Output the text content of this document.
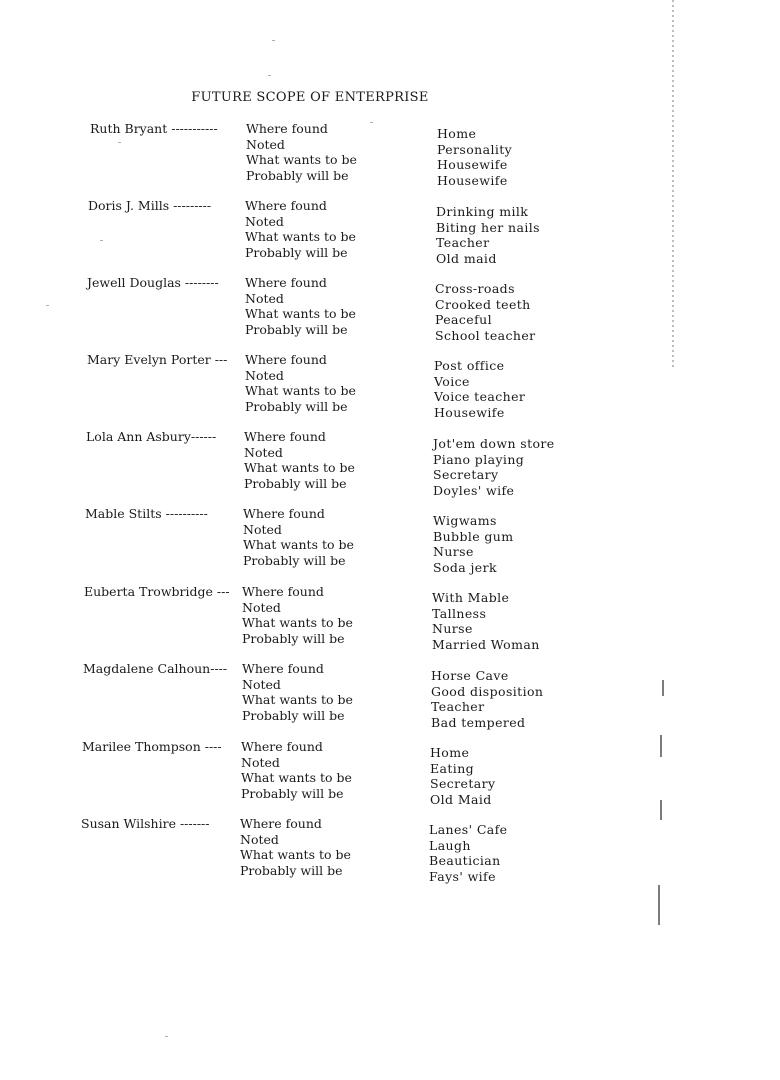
FUTURE SCOPE OF ENTERPRISE
Ruth Bryant ----------- Where found
Noted
What wants to be
Probably will be
Home
Personality
Housewife
Housewife
Doris J. Mills ---------	Where found
Noted
What wants to be
Probably will be
Drinking milk
Biting her nails
Teacher
Old maid
Jewell Douglas -------- Where found
Noted
What wants to be
Probably will be
Cross-roads
Crooked teeth
Peaceful
School teacher
Mary Evelyn Porter --- Where found
Noted
What wants to be
Probably will be
Post office
Voice
Voice teacher
Housewife
Lola Ann Asbury------ Where found
Noted
What wants to be
Probably will be
Jot'em down store
Piano playing
Secretary
Doyles' wife
Mable Stilts ----------	Where found
Noted
What wants to be
Probably will be
Wigwams
Bubble gum
Nurse
Soda jerk
Euberta Trowbridge --- Where found
Noted
What wants to be
Probably will be
With Mable
Tallness
Nurse
Married Woman
Magdalene Calhoun---- Where found
Noted
What wants to be
Probably will be
Horse Cave
Good disposition
Teacher
Bad tempered
Marilee Thompson ---- Where found
Noted
What wants to be
Probably will be
Home
Eating
Secretary
Old Maid
Susan Wilshire ------- Where found
Noted
What wants to be
Probably will be
Lanes' Cafe
Laugh
Beautician
Fays' wife
